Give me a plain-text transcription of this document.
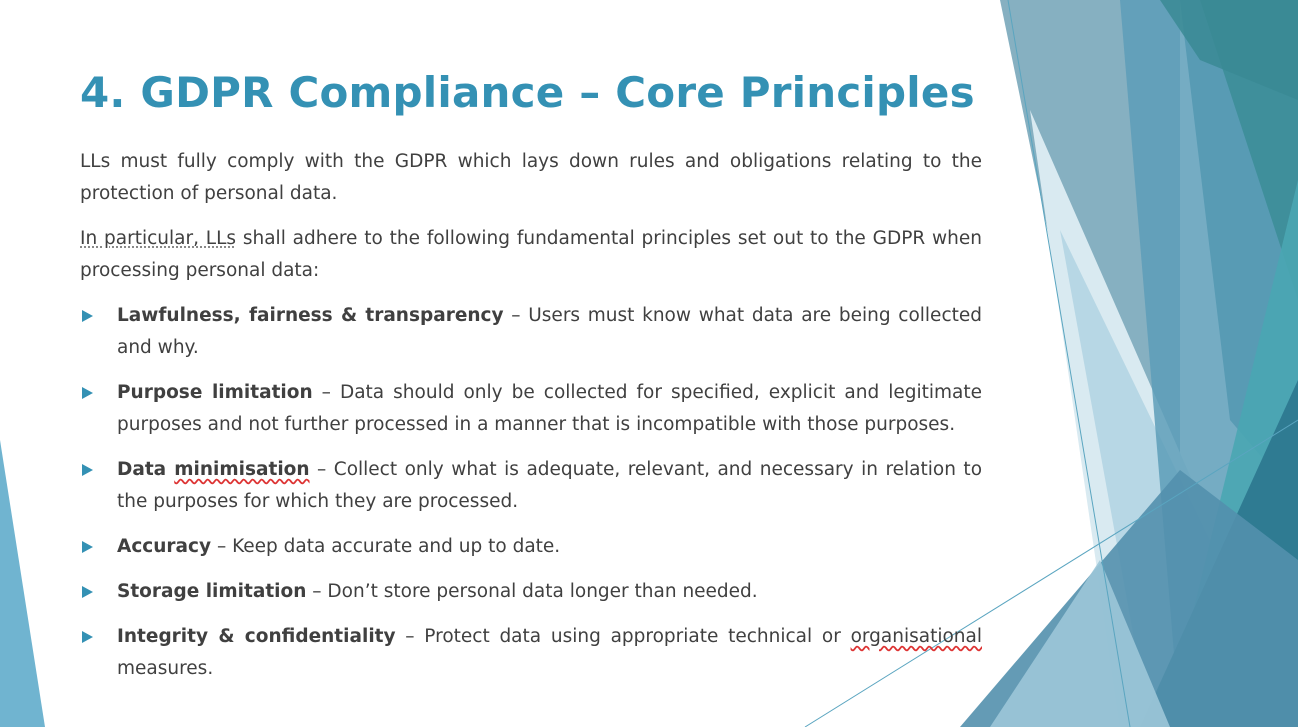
4. GDPR Compliance – Core Principles

LLs must fully comply with the GDPR which lays down rules and obligations relating to the protection of personal data.

In particular, LLs shall adhere to the following fundamental principles set out to the GDPR when processing personal data:

Lawfulness, fairness & transparency – Users must know what data are being collected and why.
Purpose limitation – Data should only be collected for specified, explicit and legitimate purposes and not further processed in a manner that is incompatible with those purposes.
Data minimisation – Collect only what is adequate, relevant, and necessary in relation to the purposes for which they are processed.
Accuracy – Keep data accurate and up to date.
Storage limitation – Don’t store personal data longer than needed.
Integrity & confidentiality – Protect data using appropriate technical or organisational measures.
